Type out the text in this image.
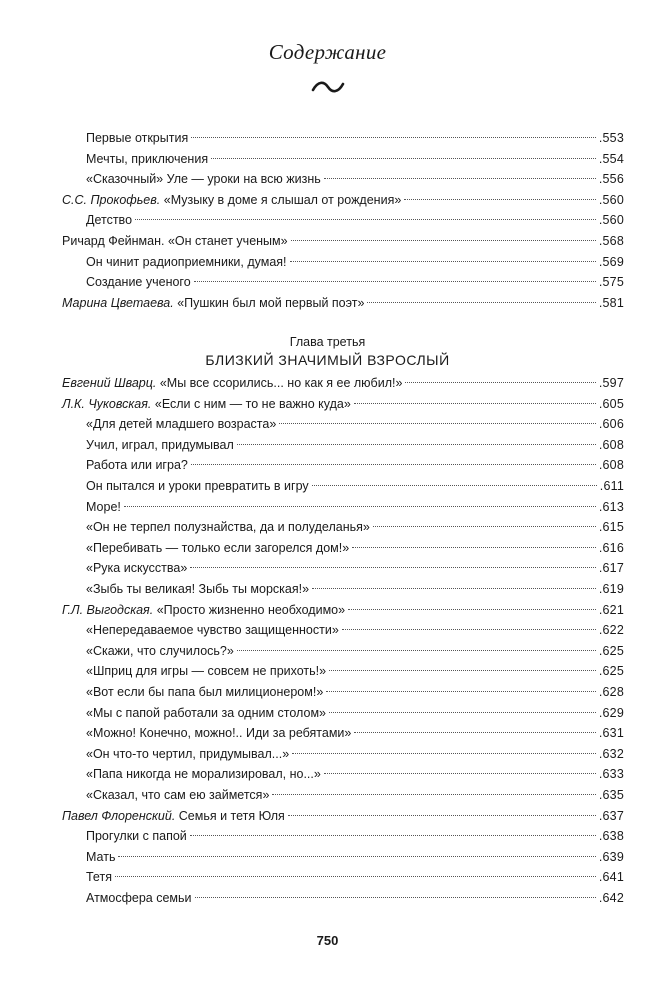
Содержание
Первые открытия	.553
Мечты, приключения	.554
«Сказочный» Уле — уроки на всю жизнь	.556
С.С. Прокофьев. «Музыку в доме я слышал от рождения»	.560
Детство	.560
Ричард Фейнман. «Он станет ученым»	.568
Он чинит радиоприемники, думая!	.569
Создание ученого	.575
Марина Цветаева. «Пушкин был мой первый поэт»	.581
Евгений Шварц. «Мы все ссорились... но как я ее любил!»	.597
Л.К. Чуковская. «Если с ним — то не важно куда»	.605
«Для детей младшего возраста»	.606
Учил, играл, придумывал	.608
Работа или игра?	.608
Он пытался и уроки превратить в игру	.611
Море!	.613
«Он не терпел полузнайства, да и полуделанья»	.615
«Перебивать — только если загорелся дом!»	.616
«Рука искусства»	.617
«Зыбь ты великая! Зыбь ты морская!»	.619
Г.Л. Выгодская. «Просто жизненно необходимо»	.621
«Непередаваемое чувство защищенности»	.622
«Скажи, что случилось?»	.625
«Шприц для игры — совсем не прихоть!»	.625
«Вот если бы папа был милиционером!»	.628
«Мы с папой работали за одним столом»	.629
«Можно! Конечно, можно!.. Иди за ребятами»	.631
«Он что-то чертил, придумывал...»	.632
«Папа никогда не морализировал, но...»	.633
«Сказал, что сам ею займется»	.635
Павел Флоренский. Семья и тетя Юля	.637
Прогулки с папой	.638
Мать	.639
Тетя	.641
Атмосфера семьи	.642
Глава третья
БЛИЗКИЙ ЗНАЧИМЫЙ ВЗРОСЛЫЙ
750
